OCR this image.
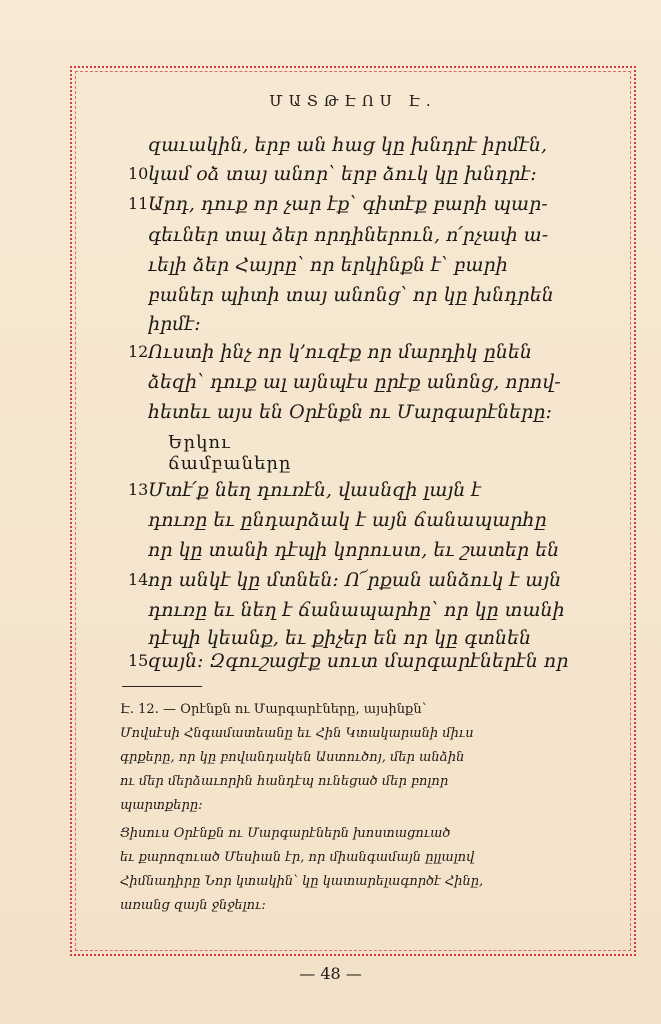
ՄԱՏԹԷՈՍ Է.
զաւակին, երբ ան հաց կը խնդրէ իրմէն,
10 կամ օձ տայ անոր՝ երբ ձուկ կը խնդրէ։
11 Արդ, դուք որ չար էք՝ գիտէք բարի պար-
գեւներ տալ ձեր որդիներուն, ո՛րչափ ա-
ւելի ձեր Հայրը՝ որ երկինքն է՝ բարի
բաներ պիտի տայ անոնց՝ որ կը խնդրեն
իրմէ։
12 Ուստի ինչ որ կ՚ուզէք որ մարդիկ ընեն
ձեզի՝ դուք ալ այնպէս ըրէք անոնց, որով-
հետեւ այս են Օրէնքն ու Մարգարէները։
Երկու ճամբաները
13 Մտէ՛ք նեղ դուռէն, վասնզի լայն է
դուռը եւ ընդարձակ է այն ճանապարհը
որ կը տանի դէպի կորուստ, եւ շատեր են
14 որ անկէ կը մտնեն։ Ո՜րքան անձուկ է այն
դուռը եւ նեղ է ճանապարհը՝ որ կը տանի
դէպի կեանք, եւ քիչեր են որ կը գտնեն
15 զայն։ Զգուշացէք սուտ մարգարէներէն որ
Է. 12. — Օրէնքն ու Մարգարէները, այսինքն՝
Մովսէսի Հնգամատեանը եւ Հին Կտակարանի միւս
գրքերը, որ կը բովանդակեն Աստուծոյ, մեր անձին
ու մեր մերձաւորին հանդէպ ունեցած մեր բոլոր
պարտքերը։
Ցիսուս Օրէնքն ու Մարգարէներն խոստացուած
եւ քարոզուած Մեսիան էր, որ միանգամայն ըլլալով
Հիմնադիրը Նոր կտակին՝ կը կատարելագործէ Հինը,
առանց զայն ջնջելու։
— 48 —
